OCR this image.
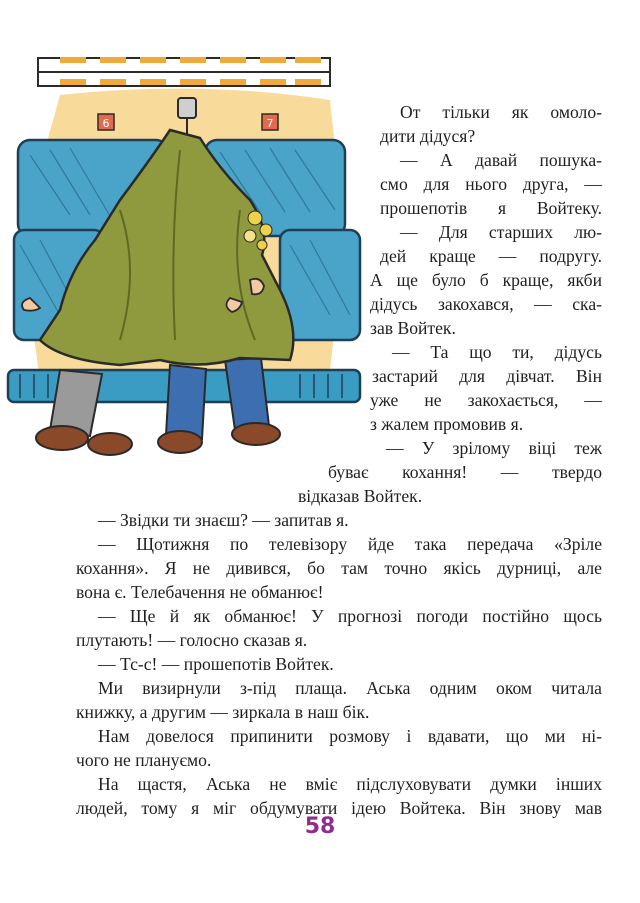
6	7
От тільки як омоло-
дити дідуся?
— А давай пошука-
смо для нього друга, —
прошепотів я Войтеку.
— Для старших лю-
дей краще — подругу.
А ще було б краще, якби
дідусь закохався, — ска-
зав Войтек.
— Та що ти, дідусь
застарий для дівчат. Він
уже не закохається, —
з жалем промовив я.
— У зрілому віці теж
буває кохання! — твердо
відказав Войтек.
— Звідки ти знаєш? — запитав я.
— Щотижня по телевізору йде така передача «Зріле
кохання». Я не дивився, бо там точно якісь дурниці, але
вона є. Телебачення не обманює!
— Ще й як обманює! У прогнозі погоди постійно щось
плутають! — голосно сказав я.
— Тс-с! — прошепотів Войтек.
Ми визирнули з-під плаща. Аська одним оком читала
книжку, а другим — зиркала в наш бік.
Нам довелося припинити розмову і вдавати, що ми ні-
чого не плануємо.
На щастя, Аська не вміє підслуховувати думки інших
людей, тому я міг обдумувати ідею Войтека. Він знову мав
58
